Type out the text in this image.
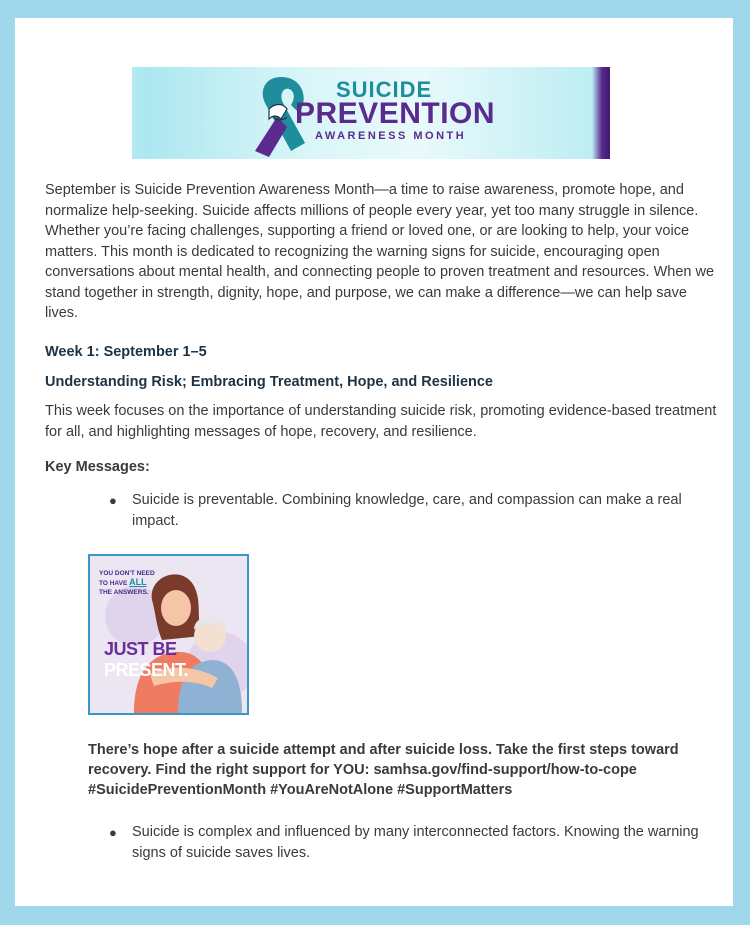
SUICIDE
PREVENTION
AWARENESS MONTH

September is Suicide Prevention Awareness Month—a time to raise awareness, promote hope, and normalize help-seeking. Suicide affects millions of people every year, yet too many struggle in silence. Whether you’re facing challenges, supporting a friend or loved one, or are looking to help, your voice matters. This month is dedicated to recognizing the warning signs for suicide, encouraging open conversations about mental health, and connecting people to proven treatment and resources. When we stand together in strength, dignity, hope, and purpose, we can make a difference—we can help save lives.

Week 1: September 1–5
Understanding Risk; Embracing Treatment, Hope, and Resilience

This week focuses on the importance of understanding suicide risk, promoting evidence-based treatment for all, and highlighting messages of hope, recovery, and resilience.

Key Messages:

● Suicide is preventable. Combining knowledge, care, and compassion can make a real impact.

YOU DON'T NEED
TO HAVE ALL
THE ANSWERS.
JUST BE PRESENT.

There’s hope after a suicide attempt and after suicide loss. Take the first steps toward recovery. Find the right support for YOU: samhsa.gov/find-support/how-to-cope #SuicidePreventionMonth #YouAreNotAlone #SupportMatters

● Suicide is complex and influenced by many interconnected factors. Knowing the warning signs of suicide saves lives.
